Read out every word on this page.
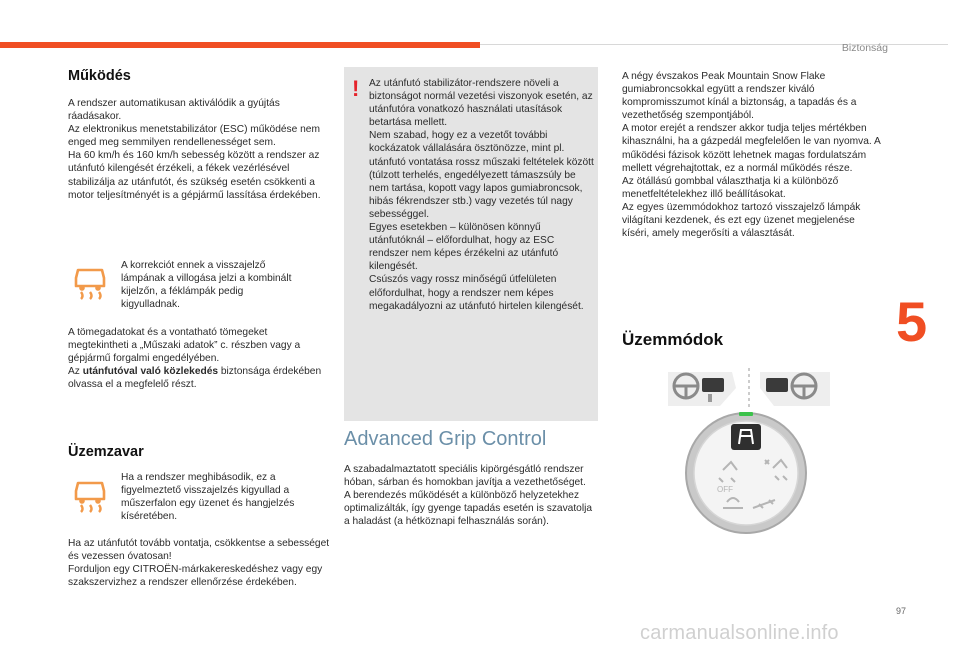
Biztonság
5
97
carmanualsonline.info
Működés

A rendszer automatikusan aktiválódik a gyújtás ráadásakor.

Az elektronikus menetstabilizátor (ESC) működése nem enged meg semmilyen rendellenességet sem.

Ha 60 km/h és 160 km/h sebesség között a rendszer az utánfutó kilengését érzékeli, a fékek vezérlésével stabilizálja az utánfutót, és szükség esetén csökkenti a motor teljesítményét is a gépjármű lassítása érdekében.

A korrekciót ennek a visszajelző lámpának a villogása jelzi a kombinált kijelzőn, a féklámpák pedig kigyulladnak.

A tömegadatokat és a vontatható tömegeket megtekintheti a „Műszaki adatok” c. részben vagy a gépjármű forgalmi engedélyében.

Az utánfutóval való közlekedés biztonsága érdekében olvassa el a megfelelő részt.

Üzemzavar
Ha a rendszer meghibásodik, ez a figyelmeztető visszajelzés kigyullad a műszerfalon egy üzenet és hangjelzés kíséretében.

Ha az utánfutót tovább vontatja, csökkentse a sebességet és vezessen óvatosan!

Forduljon egy CITROËN-márkakereskedéshez vagy egy szakszervizhez a rendszer ellenőrzése érdekében.

! Az utánfutó stabilizátor-rendszere növeli a biztonságot normál vezetési viszonyok esetén, az utánfutóra vonatkozó használati utasítások betartása mellett.

Nem szabad, hogy ez a vezetőt további kockázatok vállalására ösztönözze, mint pl. utánfutó vontatása rossz műszaki feltételek között (túlzott terhelés, engedélyezett támaszsúly be nem tartása, kopott vagy lapos gumiabroncsok, hibás fékrendszer stb.) vagy vezetés túl nagy sebességgel.

Egyes esetekben – különösen könnyű utánfutóknál – előfordulhat, hogy az ESC rendszer nem képes érzékelni az utánfutó kilengését.

Csúszós vagy rossz minőségű útfelületen előfordulhat, hogy a rendszer nem képes megakadályozni az utánfutó hirtelen kilengését.

Advanced Grip Control

A szabadalmaztatott speciális kipörgésgátló rendszer hóban, sárban és homokban javítja a vezethetőséget.

A berendezés működését a különböző helyzetekhez optimalizálták, így gyenge tapadás esetén is szavatolja a haladást (a hétköznapi felhasználás során).

A négy évszakos Peak Mountain Snow Flake gumiabroncsokkal együtt a rendszer kiváló kompromisszumot kínál a biztonság, a tapadás és a vezethetőség szempontjából.

A motor erejét a rendszer akkor tudja teljes mértékben kihasználni, ha a gázpedál megfelelően le van nyomva. A működési fázisok között lehetnek magas fordulatszám mellett végrehajtottak, ez a normál működés része.

Az ötállású gombbal választhatja ki a különböző menetfeltételekhez illő beállításokat.

Az egyes üzemmódokhoz tartozó visszajelző lámpák világítani kezdenek, és ezt egy üzenet megjelenése kíséri, amely megerősíti a választását.

Üzemmódok
OFF
